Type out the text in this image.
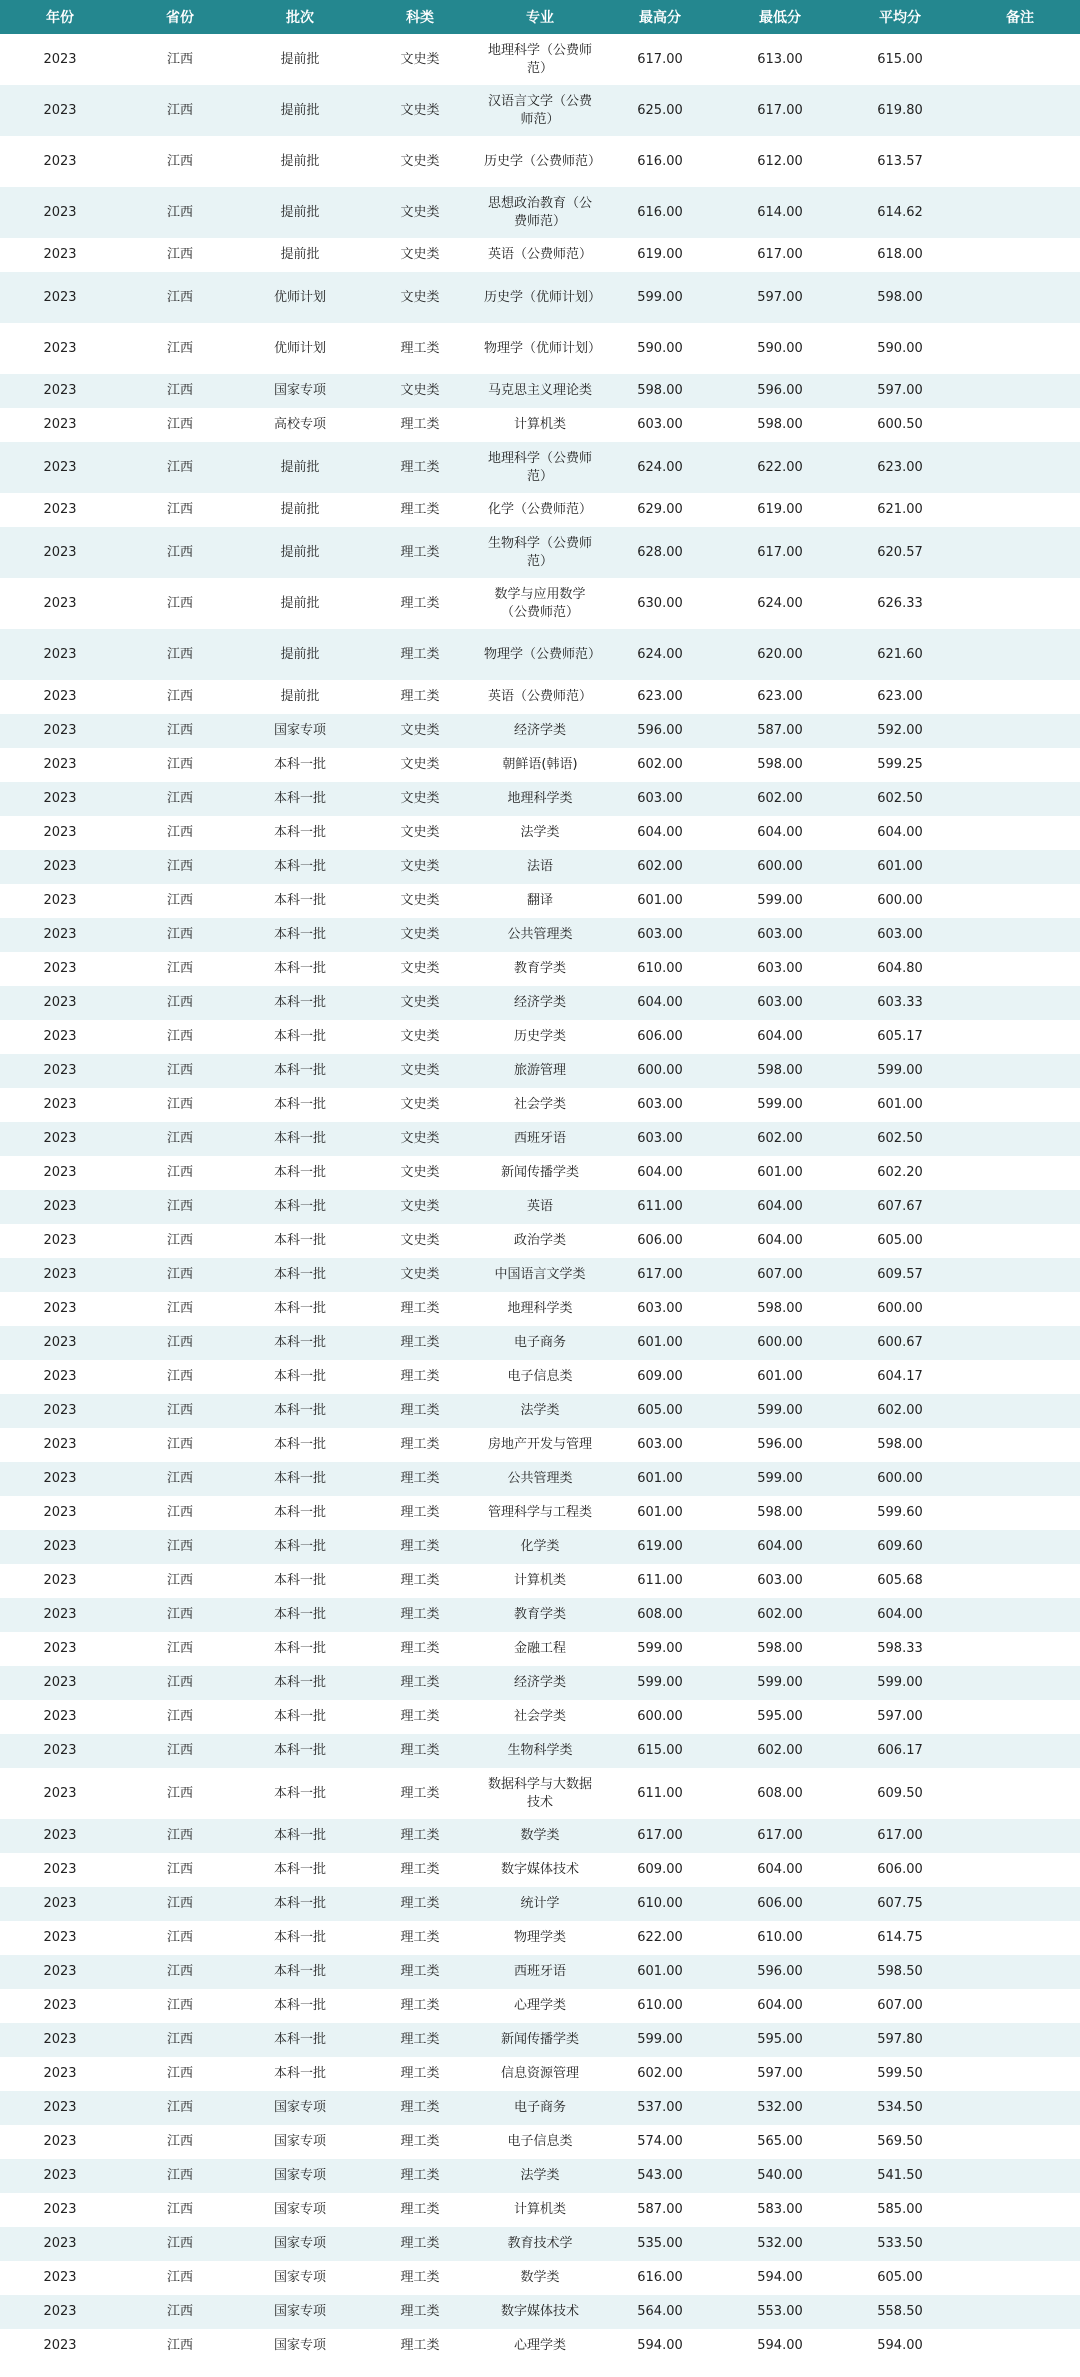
年份	省份	批次	科类	专业	最高分	最低分	平均分	备注
2023	江西	提前批	文史类	地理科学（公费师范）	617.00	613.00	615.00	
2023	江西	提前批	文史类	汉语言文学（公费师范）	625.00	617.00	619.80	
2023	江西	提前批	文史类	历史学（公费师范）	616.00	612.00	613.57	
2023	江西	提前批	文史类	思想政治教育（公费师范）	616.00	614.00	614.62	
2023	江西	提前批	文史类	英语（公费师范）	619.00	617.00	618.00	
2023	江西	优师计划	文史类	历史学（优师计划）	599.00	597.00	598.00	
2023	江西	优师计划	理工类	物理学（优师计划）	590.00	590.00	590.00	
2023	江西	国家专项	文史类	马克思主义理论类	598.00	596.00	597.00	
2023	江西	高校专项	理工类	计算机类	603.00	598.00	600.50	
2023	江西	提前批	理工类	地理科学（公费师范）	624.00	622.00	623.00	
2023	江西	提前批	理工类	化学（公费师范）	629.00	619.00	621.00	
2023	江西	提前批	理工类	生物科学（公费师范）	628.00	617.00	620.57	
2023	江西	提前批	理工类	数学与应用数学（公费师范）	630.00	624.00	626.33	
2023	江西	提前批	理工类	物理学（公费师范）	624.00	620.00	621.60	
2023	江西	提前批	理工类	英语（公费师范）	623.00	623.00	623.00	
2023	江西	国家专项	文史类	经济学类	596.00	587.00	592.00	
2023	江西	本科一批	文史类	朝鲜语(韩语)	602.00	598.00	599.25	
2023	江西	本科一批	文史类	地理科学类	603.00	602.00	602.50	
2023	江西	本科一批	文史类	法学类	604.00	604.00	604.00	
2023	江西	本科一批	文史类	法语	602.00	600.00	601.00	
2023	江西	本科一批	文史类	翻译	601.00	599.00	600.00	
2023	江西	本科一批	文史类	公共管理类	603.00	603.00	603.00	
2023	江西	本科一批	文史类	教育学类	610.00	603.00	604.80	
2023	江西	本科一批	文史类	经济学类	604.00	603.00	603.33	
2023	江西	本科一批	文史类	历史学类	606.00	604.00	605.17	
2023	江西	本科一批	文史类	旅游管理	600.00	598.00	599.00	
2023	江西	本科一批	文史类	社会学类	603.00	599.00	601.00	
2023	江西	本科一批	文史类	西班牙语	603.00	602.00	602.50	
2023	江西	本科一批	文史类	新闻传播学类	604.00	601.00	602.20	
2023	江西	本科一批	文史类	英语	611.00	604.00	607.67	
2023	江西	本科一批	文史类	政治学类	606.00	604.00	605.00	
2023	江西	本科一批	文史类	中国语言文学类	617.00	607.00	609.57	
2023	江西	本科一批	理工类	地理科学类	603.00	598.00	600.00	
2023	江西	本科一批	理工类	电子商务	601.00	600.00	600.67	
2023	江西	本科一批	理工类	电子信息类	609.00	601.00	604.17	
2023	江西	本科一批	理工类	法学类	605.00	599.00	602.00	
2023	江西	本科一批	理工类	房地产开发与管理	603.00	596.00	598.00	
2023	江西	本科一批	理工类	公共管理类	601.00	599.00	600.00	
2023	江西	本科一批	理工类	管理科学与工程类	601.00	598.00	599.60	
2023	江西	本科一批	理工类	化学类	619.00	604.00	609.60	
2023	江西	本科一批	理工类	计算机类	611.00	603.00	605.68	
2023	江西	本科一批	理工类	教育学类	608.00	602.00	604.00	
2023	江西	本科一批	理工类	金融工程	599.00	598.00	598.33	
2023	江西	本科一批	理工类	经济学类	599.00	599.00	599.00	
2023	江西	本科一批	理工类	社会学类	600.00	595.00	597.00	
2023	江西	本科一批	理工类	生物科学类	615.00	602.00	606.17	
2023	江西	本科一批	理工类	数据科学与大数据技术	611.00	608.00	609.50	
2023	江西	本科一批	理工类	数学类	617.00	617.00	617.00	
2023	江西	本科一批	理工类	数字媒体技术	609.00	604.00	606.00	
2023	江西	本科一批	理工类	统计学	610.00	606.00	607.75	
2023	江西	本科一批	理工类	物理学类	622.00	610.00	614.75	
2023	江西	本科一批	理工类	西班牙语	601.00	596.00	598.50	
2023	江西	本科一批	理工类	心理学类	610.00	604.00	607.00	
2023	江西	本科一批	理工类	新闻传播学类	599.00	595.00	597.80	
2023	江西	本科一批	理工类	信息资源管理	602.00	597.00	599.50	
2023	江西	国家专项	理工类	电子商务	537.00	532.00	534.50	
2023	江西	国家专项	理工类	电子信息类	574.00	565.00	569.50	
2023	江西	国家专项	理工类	法学类	543.00	540.00	541.50	
2023	江西	国家专项	理工类	计算机类	587.00	583.00	585.00	
2023	江西	国家专项	理工类	教育技术学	535.00	532.00	533.50	
2023	江西	国家专项	理工类	数学类	616.00	594.00	605.00	
2023	江西	国家专项	理工类	数字媒体技术	564.00	553.00	558.50	
2023	江西	国家专项	理工类	心理学类	594.00	594.00	594.00	
